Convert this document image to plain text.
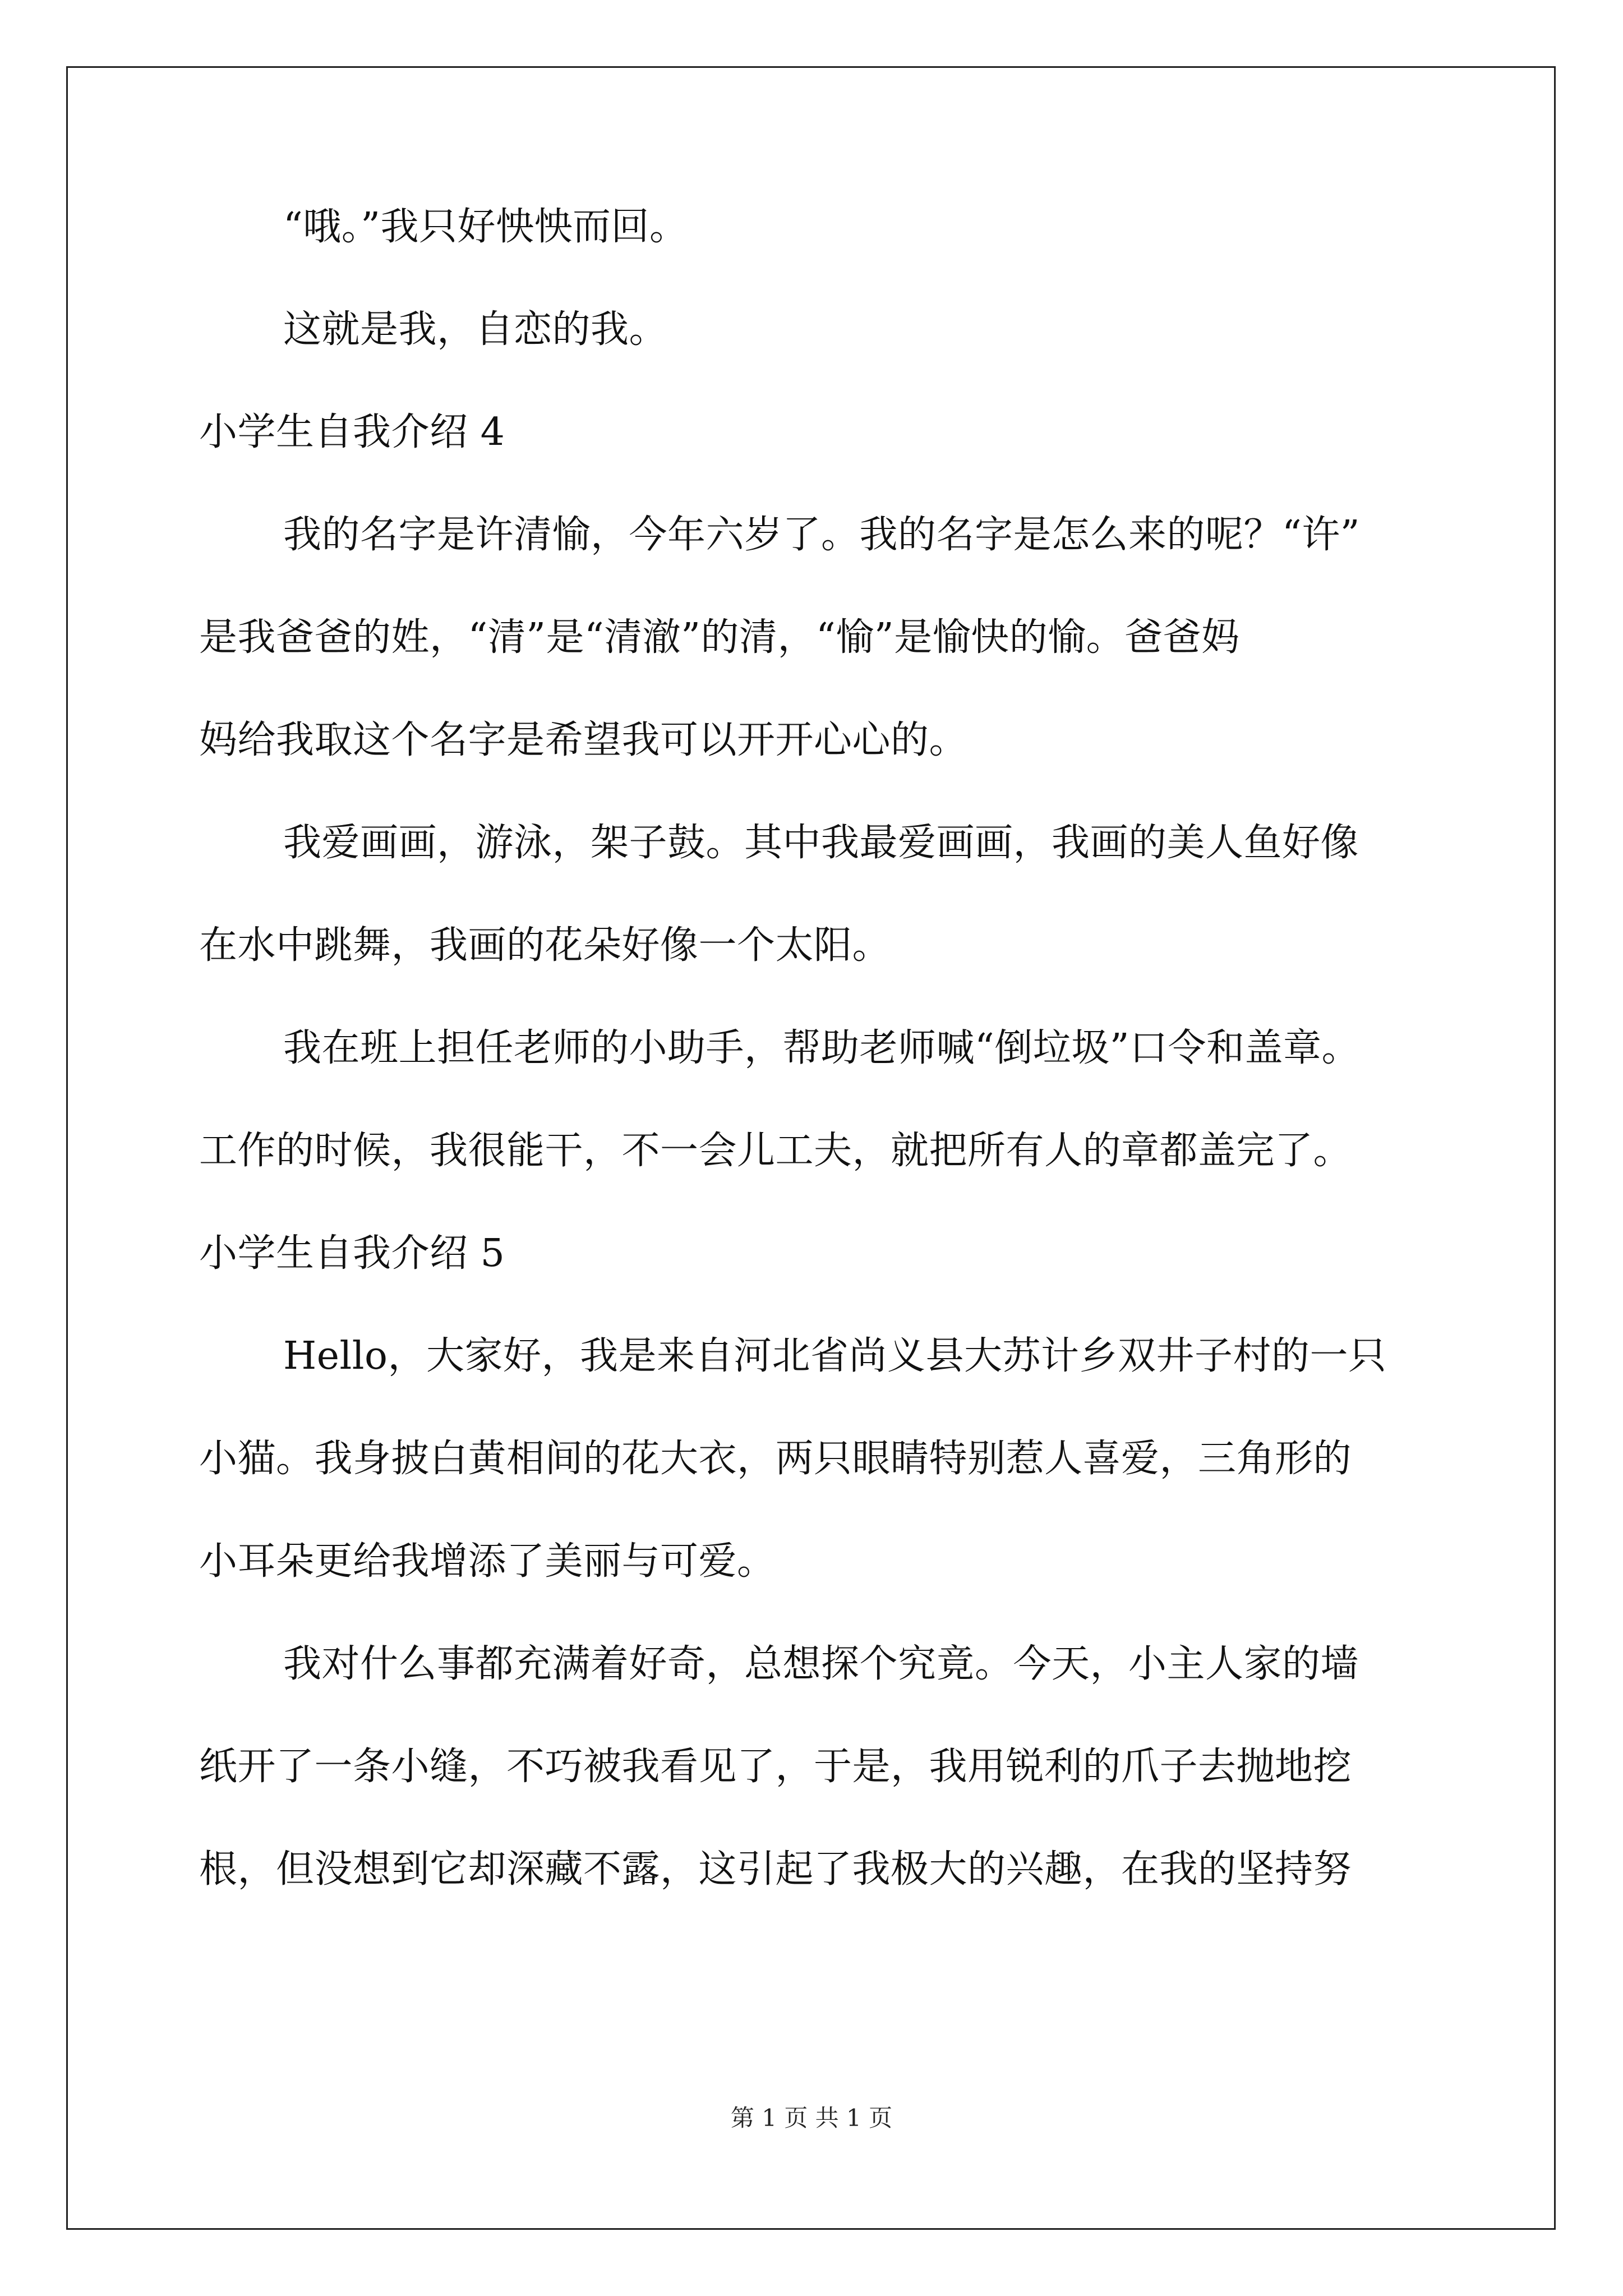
“哦。”我只好怏怏而回。
这就是我，自恋的我。
小学生自我介绍 4
我的名字是许清愉，今年六岁了。我的名字是怎么来的呢？“许”
是我爸爸的姓，“清”是“清澈”的清，“愉”是愉快的愉。爸爸妈
妈给我取这个名字是希望我可以开开心心的。
我爱画画，游泳，架子鼓。其中我最爱画画，我画的美人鱼好像
在水中跳舞，我画的花朵好像一个太阳。
我在班上担任老师的小助手，帮助老师喊“倒垃圾”口令和盖章。
工作的时候，我很能干，不一会儿工夫，就把所有人的章都盖完了。
小学生自我介绍 5
Hello，大家好，我是来自河北省尚义县大苏计乡双井子村的一只
小猫。我身披白黄相间的花大衣，两只眼睛特别惹人喜爱，三角形的
小耳朵更给我增添了美丽与可爱。
我对什么事都充满着好奇，总想探个究竟。今天，小主人家的墙
纸开了一条小缝，不巧被我看见了，于是，我用锐利的爪子去抛地挖
根，但没想到它却深藏不露，这引起了我极大的兴趣，在我的坚持努
第 1 页 共 1 页
